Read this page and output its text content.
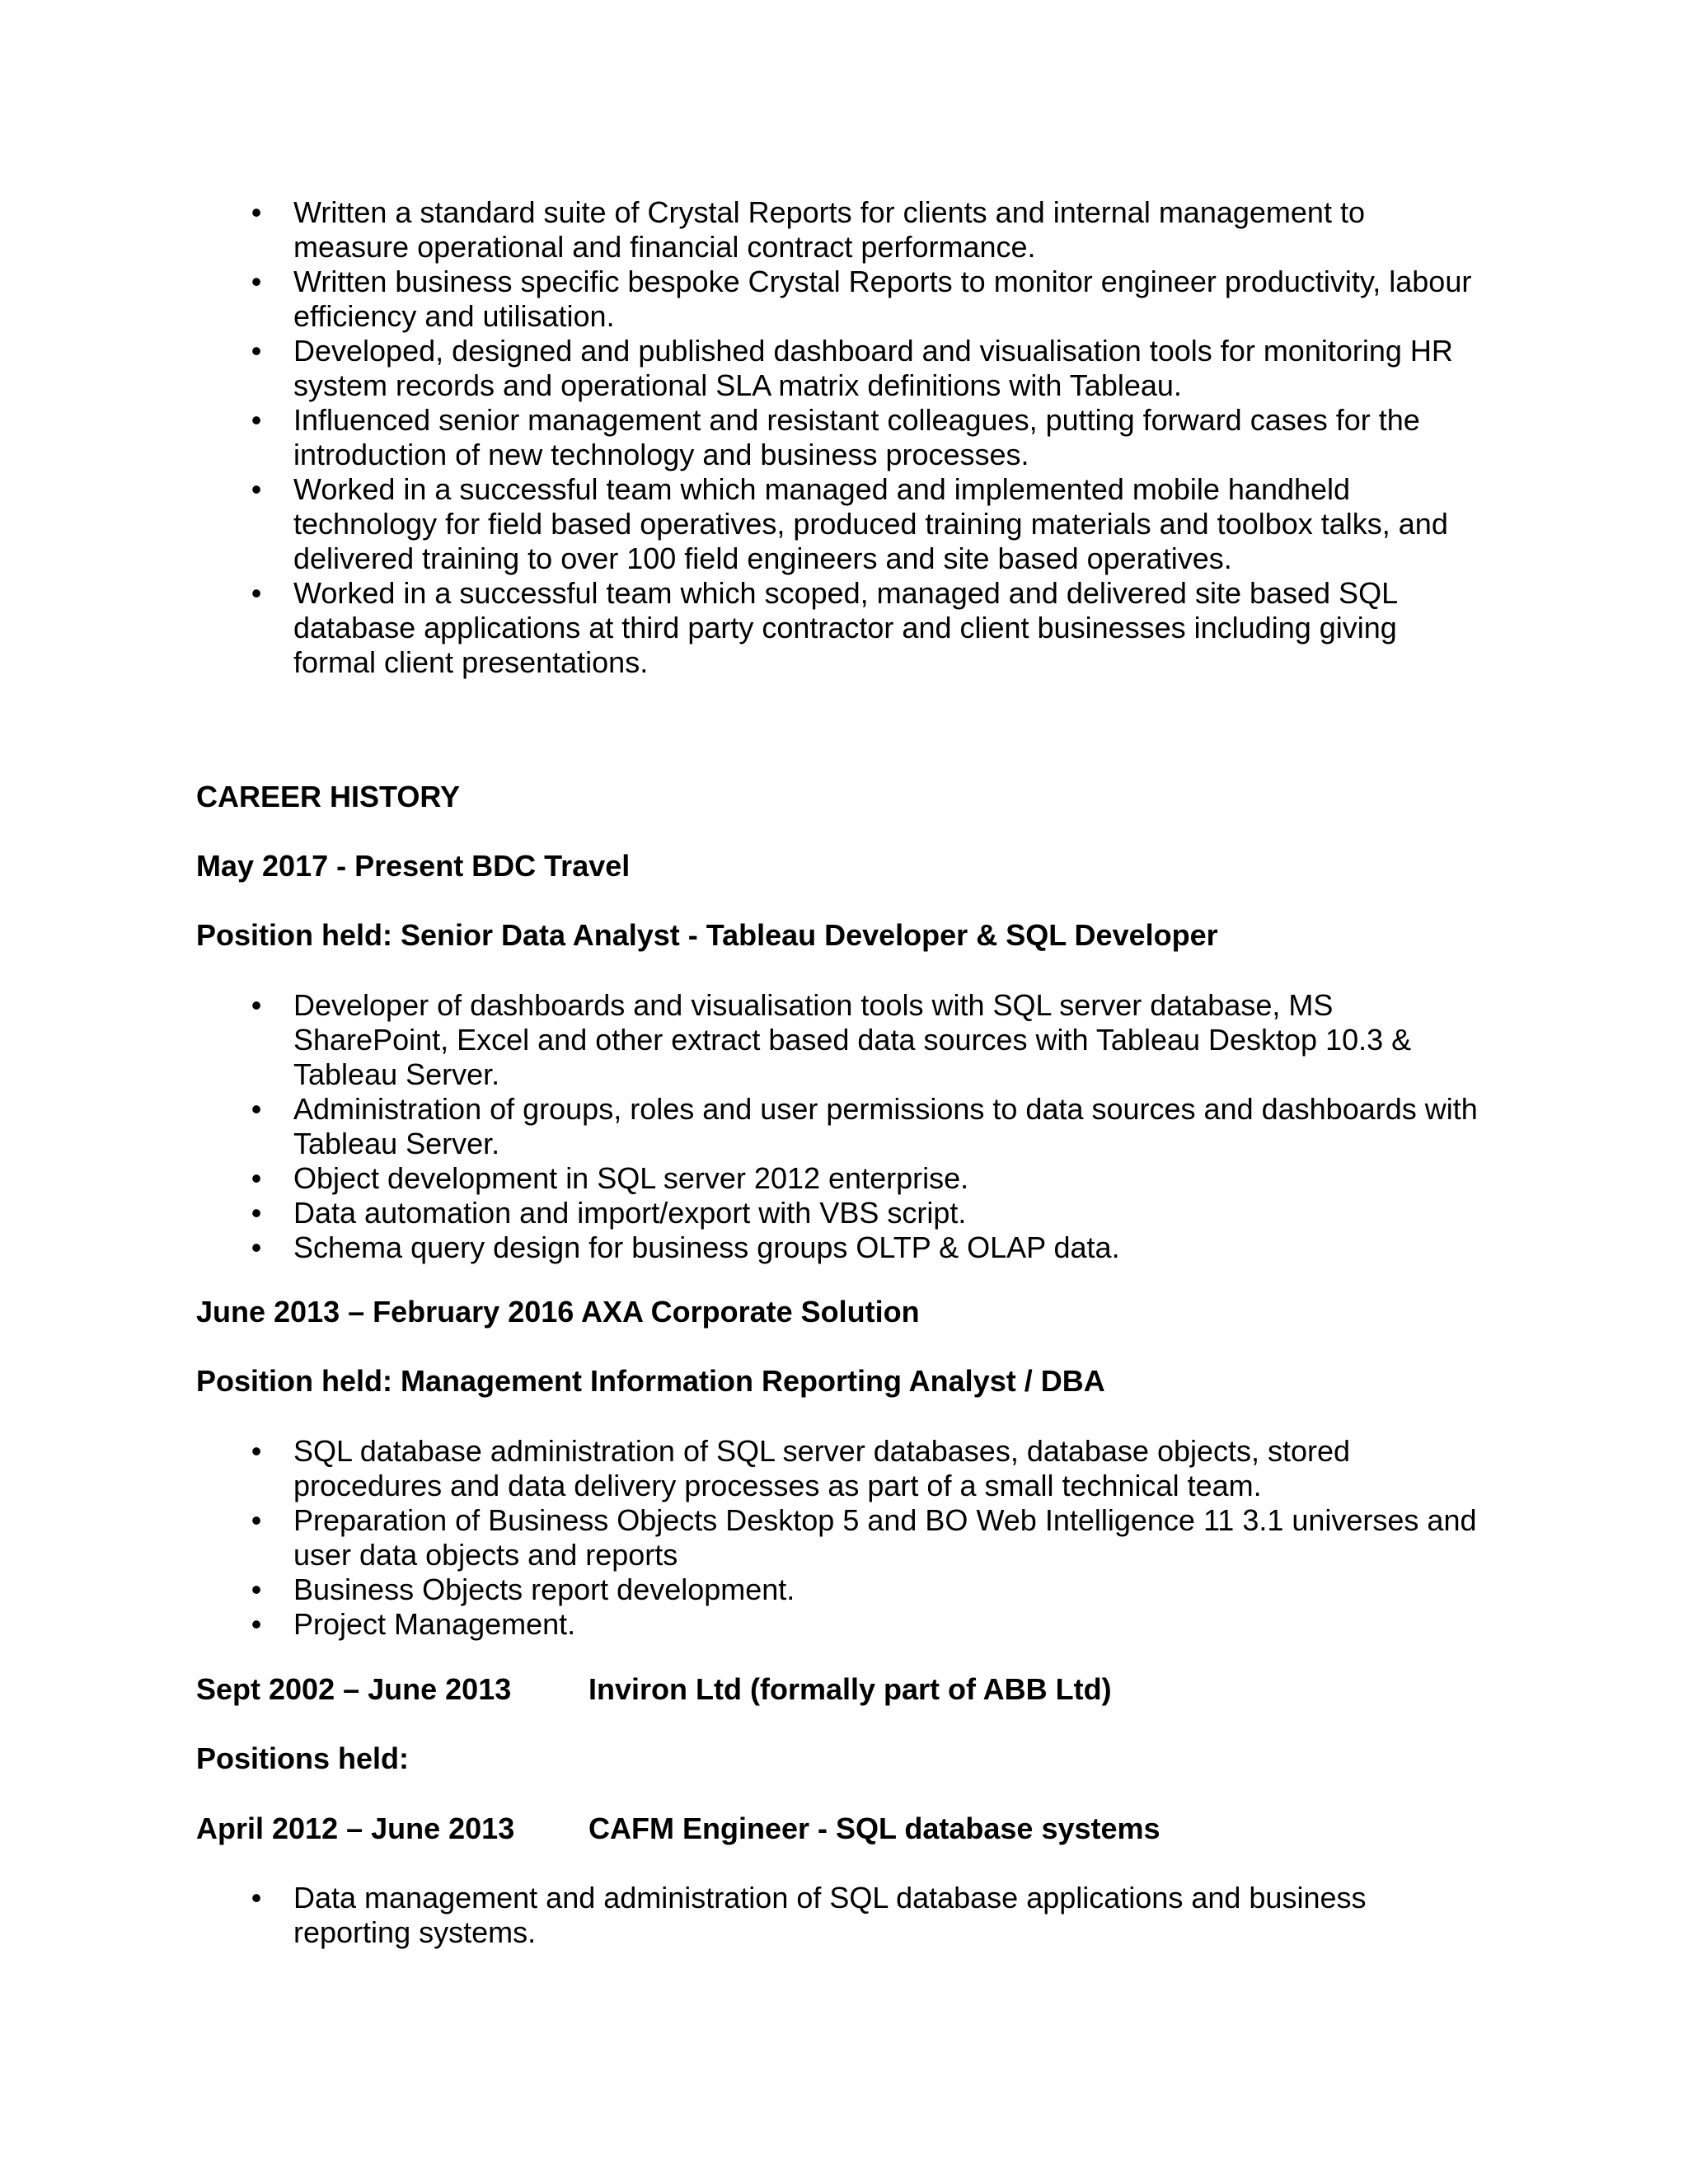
• Written a standard suite of Crystal Reports for clients and internal management to measure operational and financial contract performance.
• Written business specific bespoke Crystal Reports to monitor engineer productivity, labour efficiency and utilisation.
• Developed, designed and published dashboard and visualisation tools for monitoring HR system records and operational SLA matrix definitions with Tableau.
• Influenced senior management and resistant colleagues, putting forward cases for the introduction of new technology and business processes.
• Worked in a successful team which managed and implemented mobile handheld technology for field based operatives, produced training materials and toolbox talks, and delivered training to over 100 field engineers and site based operatives.
• Worked in a successful team which scoped, managed and delivered site based SQL database applications at third party contractor and client businesses including giving formal client presentations.
CAREER HISTORY
May 2017 - Present BDC Travel
Position held: Senior Data Analyst - Tableau Developer & SQL Developer
• Developer of dashboards and visualisation tools with SQL server database, MS SharePoint, Excel and other extract based data sources with Tableau Desktop 10.3 & Tableau Server.
• Administration of groups, roles and user permissions to data sources and dashboards with Tableau Server.
• Object development in SQL server 2012 enterprise.
• Data automation and import/export with VBS script.
• Schema query design for business groups OLTP & OLAP data.
June 2013 – February 2016 AXA Corporate Solution
Position held: Management Information Reporting Analyst / DBA
• SQL database administration of SQL server databases, database objects, stored procedures and data delivery processes as part of a small technical team.
• Preparation of Business Objects Desktop 5 and BO Web Intelligence 11 3.1 universes and user data objects and reports
• Business Objects report development.
• Project Management.
Sept 2002 – June 2013	Inviron Ltd (formally part of ABB Ltd)
Positions held:
April 2012 – June 2013 CAFM Engineer - SQL database systems
• Data management and administration of SQL database applications and business reporting systems.
